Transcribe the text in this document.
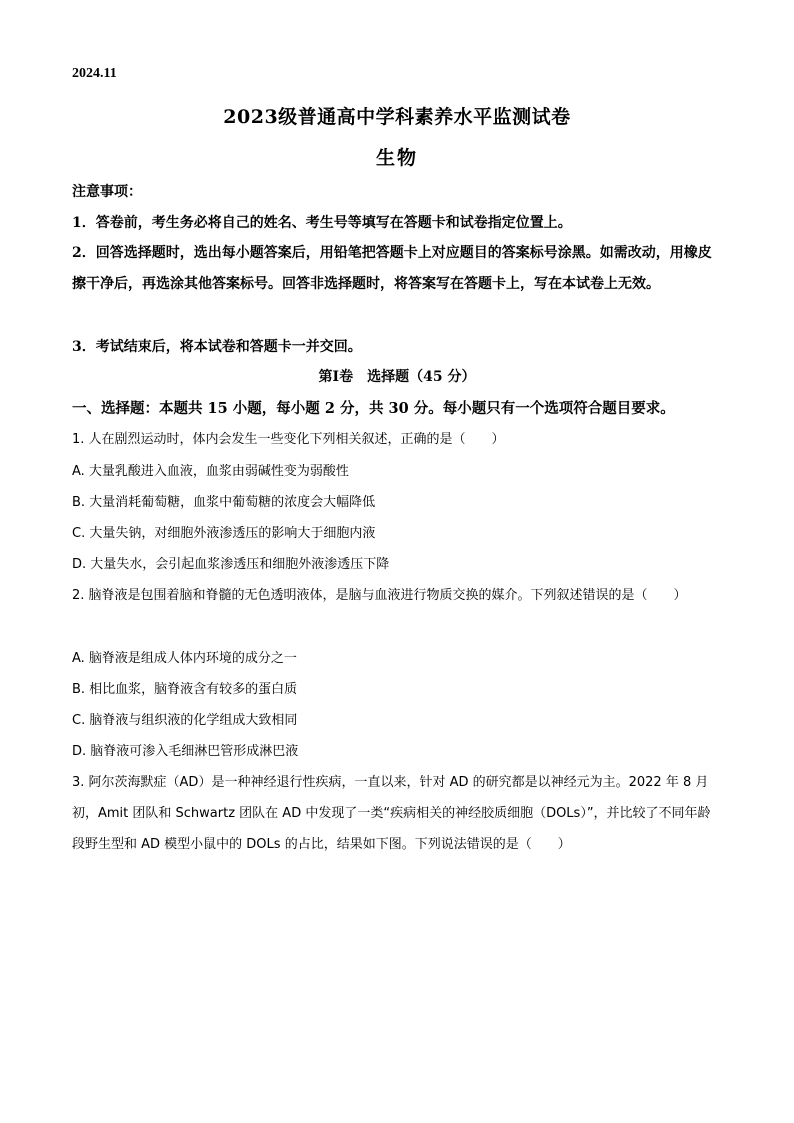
2024.11
2023级普通高中学科素养水平监测试卷
生物
注意事项：
1．答卷前，考生务必将自己的姓名、考生号等填写在答题卡和试卷指定位置上。
2．回答选择题时，选出每小题答案后，用铅笔把答题卡上对应题目的答案标号涂黑。如需改动，用橡皮擦干净后，再选涂其他答案标号。回答非选择题时，将答案写在答题卡上，写在本试卷上无效。
3．考试结束后，将本试卷和答题卡一并交回。
第Ⅰ卷　选择题（45 分）
一、选择题：本题共 15 小题，每小题 2 分，共 30 分。每小题只有一个选项符合题目要求。
1. 人在剧烈运动时，体内会发生一些变化下列相关叙述，正确的是（　　）
A. 大量乳酸进入血液，血浆由弱碱性变为弱酸性
B. 大量消耗葡萄糖，血浆中葡萄糖的浓度会大幅降低
C. 大量失钠，对细胞外液渗透压的影响大于细胞内液
D. 大量失水，会引起血浆渗透压和细胞外液渗透压下降
2. 脑脊液是包围着脑和脊髓的无色透明液体，是脑与血液进行物质交换的媒介。下列叙述错误的是（　　）
A. 脑脊液是组成人体内环境的成分之一
B. 相比血浆，脑脊液含有较多的蛋白质
C. 脑脊液与组织液的化学组成大致相同
D. 脑脊液可渗入毛细淋巴管形成淋巴液
3. 阿尔茨海默症（AD）是一种神经退行性疾病，一直以来，针对 AD 的研究都是以神经元为主。2022 年 8 月初，Amit 团队和 Schwartz 团队在 AD 中发现了一类“疾病相关的神经胶质细胞（DOLs）”，并比较了不同年龄段野生型和 AD 模型小鼠中的 DOLs 的占比，结果如下图。下列说法错误的是（　　）
